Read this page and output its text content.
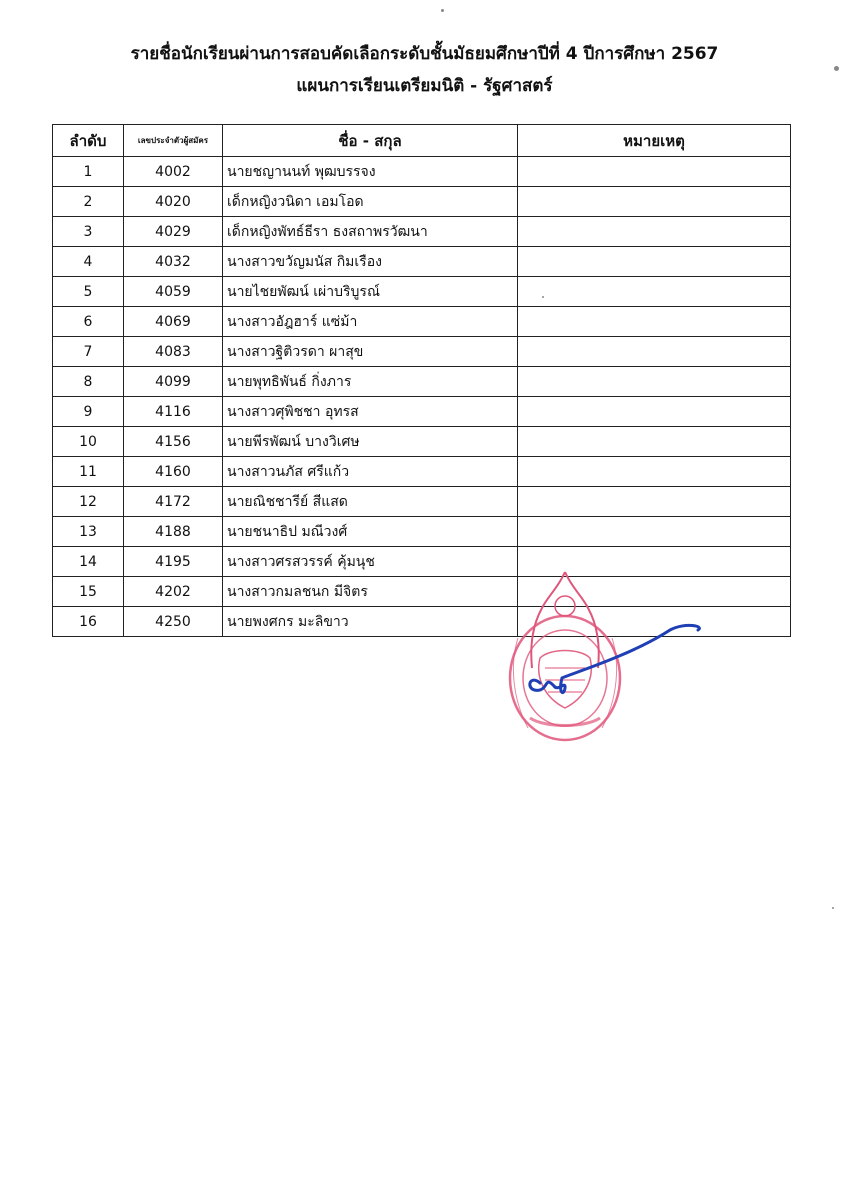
รายชื่อนักเรียนผ่านการสอบคัดเลือกระดับชั้นมัธยมศึกษาปีที่ 4 ปีการศึกษา 2567
แผนการเรียนเตรียมนิติ - รัฐศาสตร์
ลำดับ	เลขประจำตัวผู้สมัคร	ชื่อ - สกุล	หมายเหตุ
1	4002	นายชญานนท์ พุฒบรรจง	
2	4020	เด็กหญิงวนิดา เอมโอด	
3	4029	เด็กหญิงพัทธ์ธีรา ธงสถาพรวัฒนา	
4	4032	นางสาวขวัญมนัส กิมเรือง	
5	4059	นายไชยพัฒน์ เผ่าบริบูรณ์	
6	4069	นางสาวอัฎฮาร์ แซ่ม้า	
7	4083	นางสาวฐิติวรดา ผาสุข	
8	4099	นายพุทธิพันธ์ กิ่งภาร	
9	4116	นางสาวศุพิชชา อุทรส	
10	4156	นายพีรพัฒน์ บางวิเศษ	
11	4160	นางสาวนภัส ศรีแก้ว	
12	4172	นายณิชชารีย์ สีแสด	
13	4188	นายชนาธิป มณีวงศ์	
14	4195	นางสาวศรสวรรค์ คุ้มนุช	
15	4202	นางสาวกมลชนก มีจิตร	
16	4250	นายพงศกร มะลิขาว	
